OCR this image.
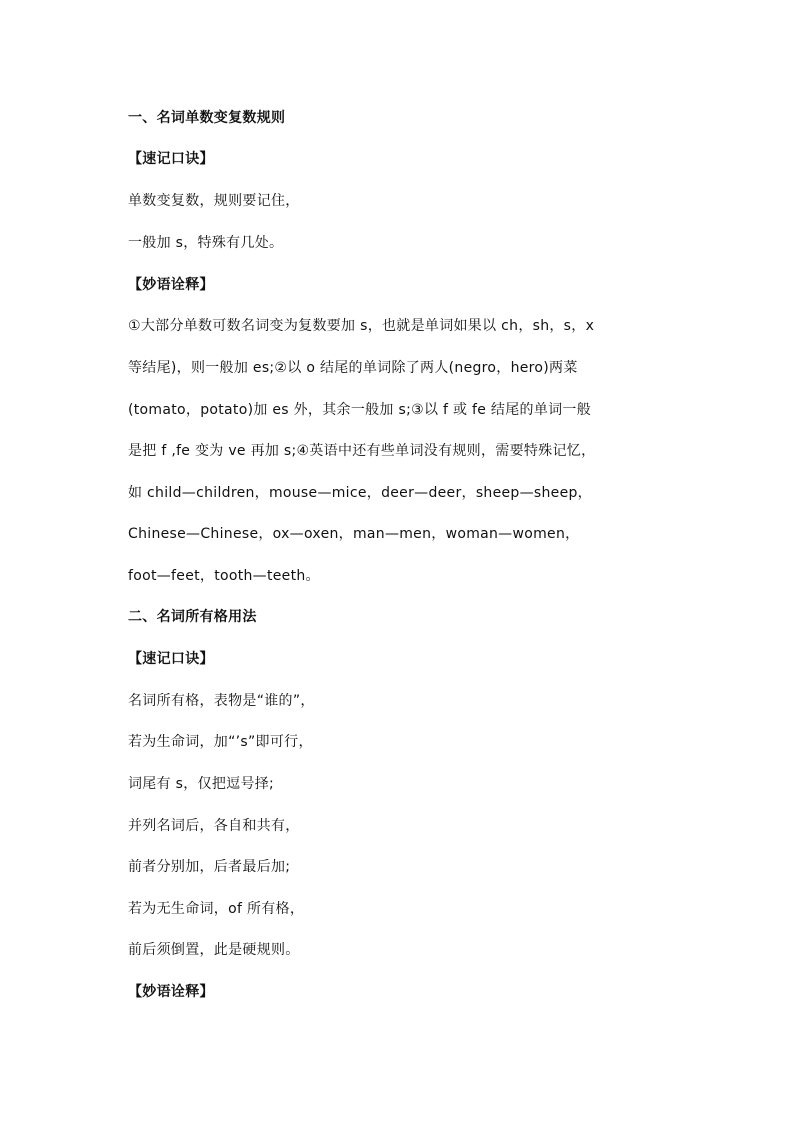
一、名词单数变复数规则
【速记口诀】
单数变复数，规则要记住，
一般加 s，特殊有几处。
【妙语诠释】
①大部分单数可数名词变为复数要加 s，也就是单词如果以 ch，sh，s，x
等结尾)，则一般加 es;②以 o 结尾的单词除了两人(negro，hero)两菜
(tomato，potato)加 es 外，其余一般加 s;③以 f 或 fe 结尾的单词一般
是把 f ,fe 变为 ve 再加 s;④英语中还有些单词没有规则，需要特殊记忆，
如 child—children，mouse—mice，deer—deer，sheep—sheep，
Chinese—Chinese，ox—oxen，man—men，woman—women，
foot—feet，tooth—teeth。
二、名词所有格用法
【速记口诀】
名词所有格，表物是“谁的”，
若为生命词，加“’s”即可行，
词尾有 s，仅把逗号择;
并列名词后，各自和共有，
前者分别加，后者最后加;
若为无生命词，of 所有格，
前后须倒置，此是硬规则。
【妙语诠释】
